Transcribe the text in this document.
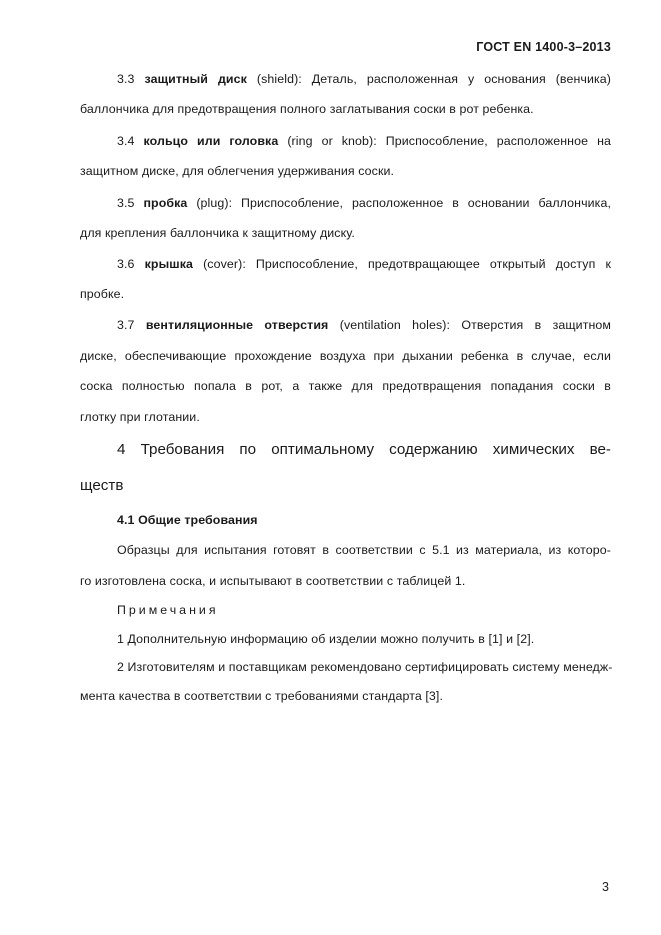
ГОСТ EN 1400-3–2013
3.3 защитный диск (shield): Деталь, расположенная у основания (венчика)
баллончика для предотвращения полного заглатывания соски в рот ребенка.
3.4 кольцо или головка (ring or knob): Приспособление, расположенное на
защитном диске, для облегчения удерживания соски.
3.5 пробка (plug): Приспособление, расположенное в основании баллончика,
для крепления баллончика к защитному диску.
3.6 крышка (cover): Приспособление, предотвращающее открытый доступ к
пробке.
3.7 вентиляционные отверстия (ventilation holes): Отверстия в защитном
диске, обеспечивающие прохождение воздуха при дыхании ребенка в случае, если
соска полностью попала в рот, а также для предотвращения попадания соски в
глотку при глотании.
4 Требования по оптимальному содержанию химических ве-
ществ
4.1 Общие требования
Образцы для испытания готовят в соответствии с 5.1 из материала, из которо-
го изготовлена соска, и испытывают в соответствии с таблицей 1.
Примечания
1 Дополнительную информацию об изделии можно получить в [1] и [2].
2 Изготовителям и поставщикам рекомендовано сертифицировать систему менедж-
мента качества в соответствии с требованиями стандарта [3].
3
